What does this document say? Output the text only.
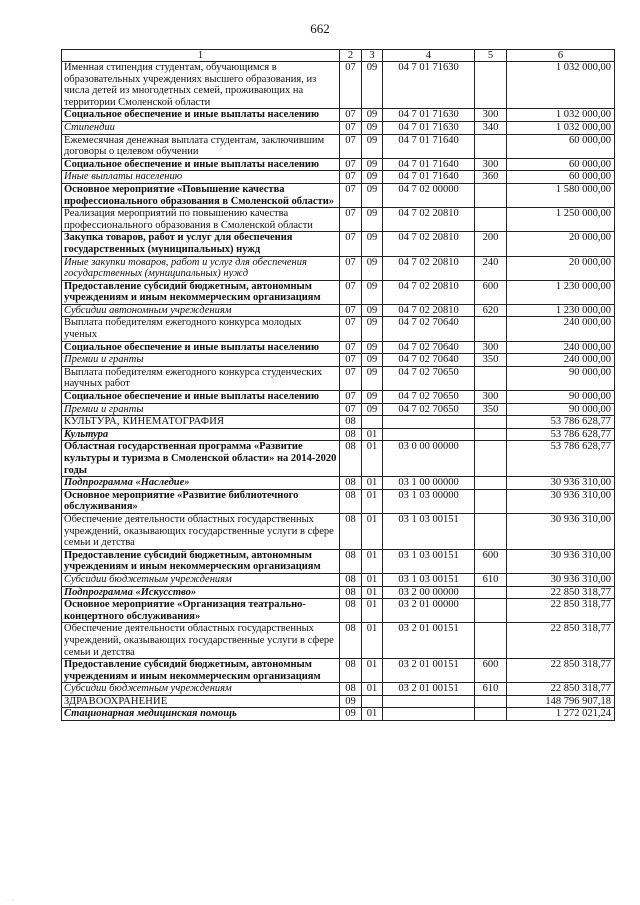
662
1	2	3	4	5	6
Именная стипендия студентам, обучающимся в образовательных учреждениях высшего образования, из числа детей из многодетных семей, проживающих на территории Смоленской области	07	09	04 7 01 71630		1 032 000,00
Социальное обеспечение и иные выплаты населению	07	09	04 7 01 71630	300	1 032 000,00
Стипендии	07	09	04 7 01 71630	340	1 032 000,00
Ежемесячная денежная выплата студентам, заключившим договоры о целевом обучении	07	09	04 7 01 71640		60 000,00
Социальное обеспечение и иные выплаты населению	07	09	04 7 01 71640	300	60 000,00
Иные выплаты населению	07	09	04 7 01 71640	360	60 000,00
Основное мероприятие «Повышение качества профессионального образования в Смоленской области»	07	09	04 7 02 00000		1 580 000,00
Реализация мероприятий по повышению качества профессионального образования в Смоленской области	07	09	04 7 02 20810		1 250 000,00
Закупка товаров, работ и услуг для обеспечения государственных (муниципальных) нужд	07	09	04 7 02 20810	200	20 000,00
Иные закупки товаров, работ и услуг для обеспечения государственных (муниципальных) нужд	07	09	04 7 02 20810	240	20 000,00
Предоставление субсидий бюджетным, автономным учреждениям и иным некоммерческим организациям	07	09	04 7 02 20810	600	1 230 000,00
Субсидии автономным учреждениям	07	09	04 7 02 20810	620	1 230 000,00
Выплата победителям ежегодного конкурса молодых ученых	07	09	04 7 02 70640		240 000,00
Социальное обеспечение и иные выплаты населению	07	09	04 7 02 70640	300	240 000,00
Премии и гранты	07	09	04 7 02 70640	350	240 000,00
Выплата победителям ежегодного конкурса студенческих научных работ	07	09	04 7 02 70650		90 000,00
Социальное обеспечение и иные выплаты населению	07	09	04 7 02 70650	300	90 000,00
Премии и гранты	07	09	04 7 02 70650	350	90 000,00
КУЛЬТУРА, КИНЕМАТОГРАФИЯ	08				53 786 628,77
Культура	08	01			53 786 628,77
Областная государственная программа «Развитие культуры и туризма в Смоленской области» на 2014-2020 годы	08	01	03 0 00 00000		53 786 628,77
Подпрограмма «Наследие»	08	01	03 1 00 00000		30 936 310,00
Основное мероприятие «Развитие библиотечного обслуживания»	08	01	03 1 03 00000		30 936 310,00
Обеспечение деятельности областных государственных учреждений, оказывающих государственные услуги в сфере семьи и детства	08	01	03 1 03 00151		30 936 310,00
Предоставление субсидий бюджетным, автономным учреждениям и иным некоммерческим организациям	08	01	03 1 03 00151	600	30 936 310,00
Субсидии бюджетным учреждениям	08	01	03 1 03 00151	610	30 936 310,00
Подпрограмма «Искусство»	08	01	03 2 00 00000		22 850 318,77
Основное мероприятие «Организация театрально-концертного обслуживания»	08	01	03 2 01 00000		22 850 318,77
Обеспечение деятельности областных государственных учреждений, оказывающих государственные услуги в сфере семьи и детства	08	01	03 2 01 00151		22 850 318,77
Предоставление субсидий бюджетным, автономным учреждениям и иным некоммерческим организациям	08	01	03 2 01 00151	600	22 850 318,77
Субсидии бюджетным учреждениям	08	01	03 2 01 00151	610	22 850 318,77
ЗДРАВООХРАНЕНИЕ	09				148 796 907,18
Стационарная медицинская помощь	09	01			1 272 021,24
· · ·
